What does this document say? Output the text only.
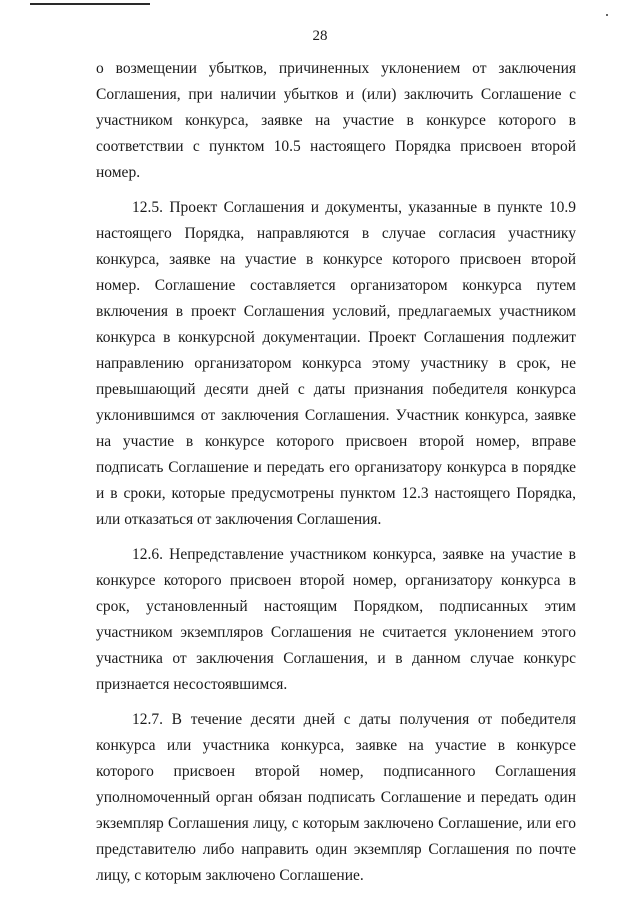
28

о возмещении убытков, причиненных уклонением от заключения Соглашения, при наличии убытков и (или) заключить Соглашение с участником конкурса, заявке на участие в конкурсе которого в соответствии с пунктом 10.5 настоящего Порядка присвоен второй номер.

12.5. Проект Соглашения и документы, указанные в пункте 10.9 настоящего Порядка, направляются в случае согласия участнику конкурса, заявке на участие в конкурсе которого присвоен второй номер. Соглашение составляется организатором конкурса путем включения в проект Соглашения условий, предлагаемых участником конкурса в конкурсной документации. Проект Соглашения подлежит направлению организатором конкурса этому участнику в срок, не превышающий десяти дней с даты признания победителя конкурса уклонившимся от заключения Соглашения. Участник конкурса, заявке на участие в конкурсе которого присвоен второй номер, вправе подписать Соглашение и передать его организатору конкурса в порядке и в сроки, которые предусмотрены пунктом 12.3 настоящего Порядка, или отказаться от заключения Соглашения.

12.6. Непредставление участником конкурса, заявке на участие в конкурсе которого присвоен второй номер, организатору конкурса в срок, установленный настоящим Порядком, подписанных этим участником экземпляров Соглашения не считается уклонением этого участника от заключения Соглашения, и в данном случае конкурс признается несостоявшимся.

12.7. В течение десяти дней с даты получения от победителя конкурса или участника конкурса, заявке на участие в конкурсе которого присвоен второй номер, подписанного Соглашения уполномоченный орган обязан подписать Соглашение и передать один экземпляр Соглашения лицу, с которым заключено Соглашение, или его представителю либо направить один экземпляр Соглашения по почте лицу, с которым заключено Соглашение.
